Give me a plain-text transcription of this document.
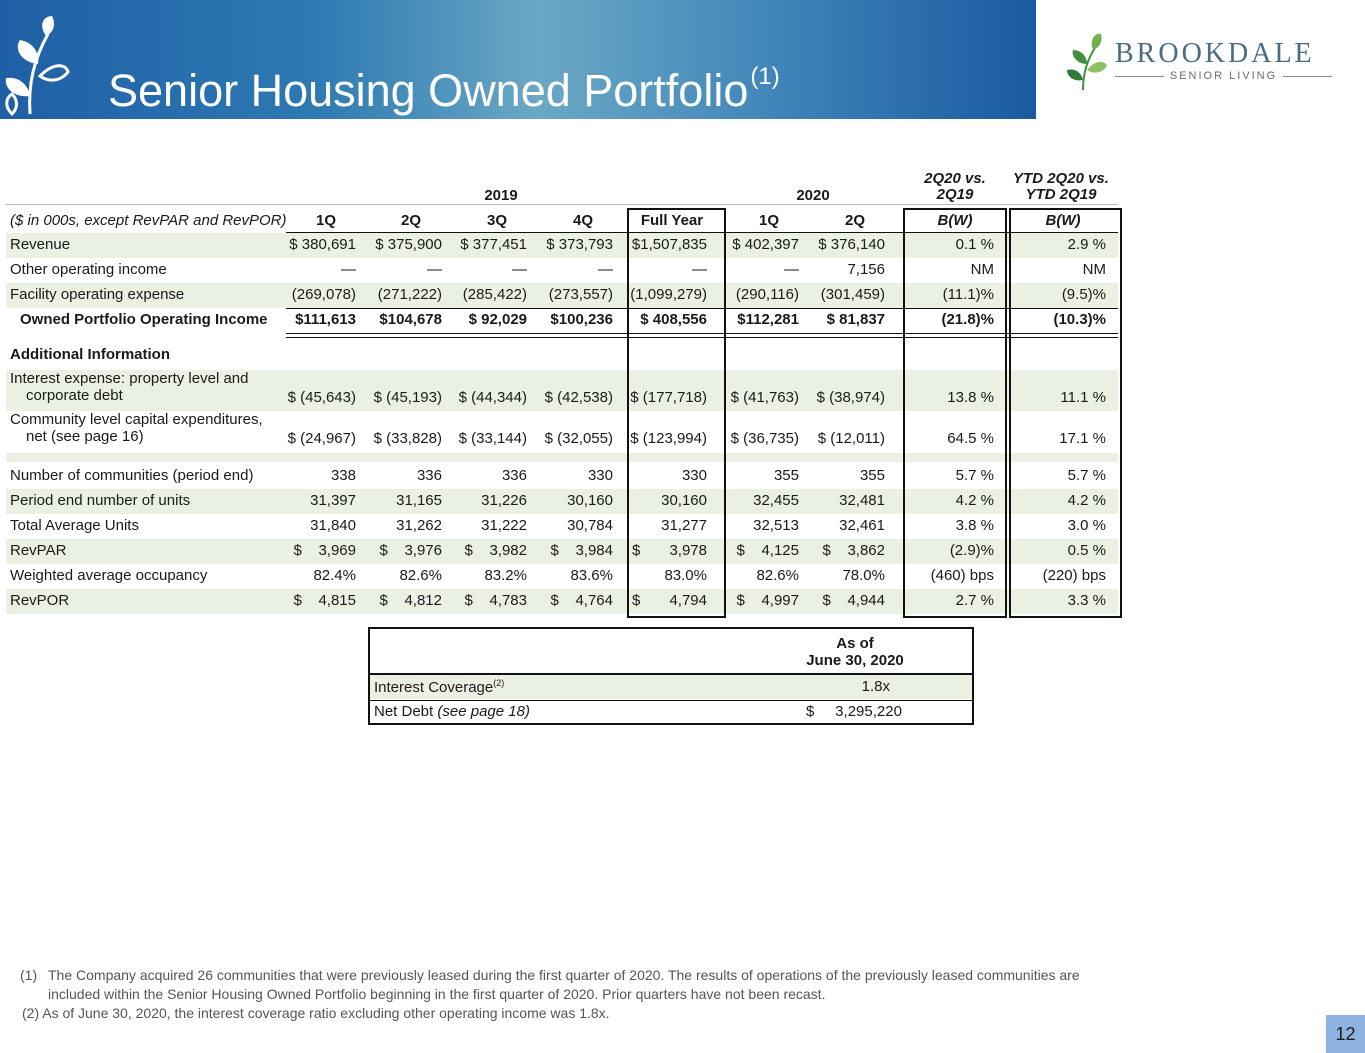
Senior Housing Owned Portfolio$^{(1)}$
BROOKDALE
SENIOR LIVING
2019	2020
2Q20 vs.
2Q19
YTD 2Q20 vs.
YTD 2Q19
($ in 000s, except RevPAR and RevPOR)	1Q	2Q	3Q	4Q	Full Year	1Q	2Q	B(W)	B(W)
Revenue	$ 380,691 $ 375,900 $ 377,451 $ 373,793 $1,507,835 $ 402,397 $ 376,140	0.1 %	2.9 %
Other operating income	—	—	—	—	—	—	7,156	NM	NM
Facility operating expense	(269,078) (271,222) (285,422) (273,557) (1,099,279) (290,116) (301,459)	(11.1)%	(9.5)%
Owned Portfolio Operating Income $111,613 $104,678 $ 92,029 $100,236 $ 408,556 $112,281 $ 81,837	(21.8)%	(10.3)%
Additional Information
Interest expense: property level and
corporate debt	$ (45,643) $ (45,193) $ (44,344) $ (42,538) $ (177,718) $ (41,763) $ (38,974)	13.8 %	11.1 %
Community level capital expenditures,
net (see page 16)	$ (24,967) $ (33,828) $ (33,144) $ (32,055) $ (123,994) $ (36,735) $ (12,011)	64.5 %	17.1 %
Number of communities (period end)	338	336	336	330	330	355	355	5.7 %	5.7 %
Period end number of units	31,397	31,165	31,226	30,160	30,160	32,455	32,481	4.2 %	4.2 %
Total Average Units	31,840	31,262	31,222	30,784	31,277	32,513	32,461	3.8 %	3.0 %
RevPAR	$    3,969 $    3,976 $    3,982 $    3,984 $       3,978 $    4,125 $    3,862	(2.9)%	0.5 %
Weighted average occupancy	82.4%	82.6%	83.2%	83.6%	83.0%	82.6%	78.0%	(460) bps	(220) bps
RevPOR	$    4,815 $    4,812 $    4,783 $    4,764 $       4,794 $    4,997 $    4,944	2.7 %	3.3 %
As of
June 30, 2020
Interest Coverage$^{(2)}$	1.8x
Net Debt (see page 18)	$     3,295,220
(1) The Company acquired 26 communities that were previously leased during the first quarter of 2020. The results of operations of the previously leased communities are
included within the Senior Housing Owned Portfolio beginning in the first quarter of 2020. Prior quarters have not been recast.
(2) As of June 30, 2020, the interest coverage ratio excluding other operating income was 1.8x.
12
